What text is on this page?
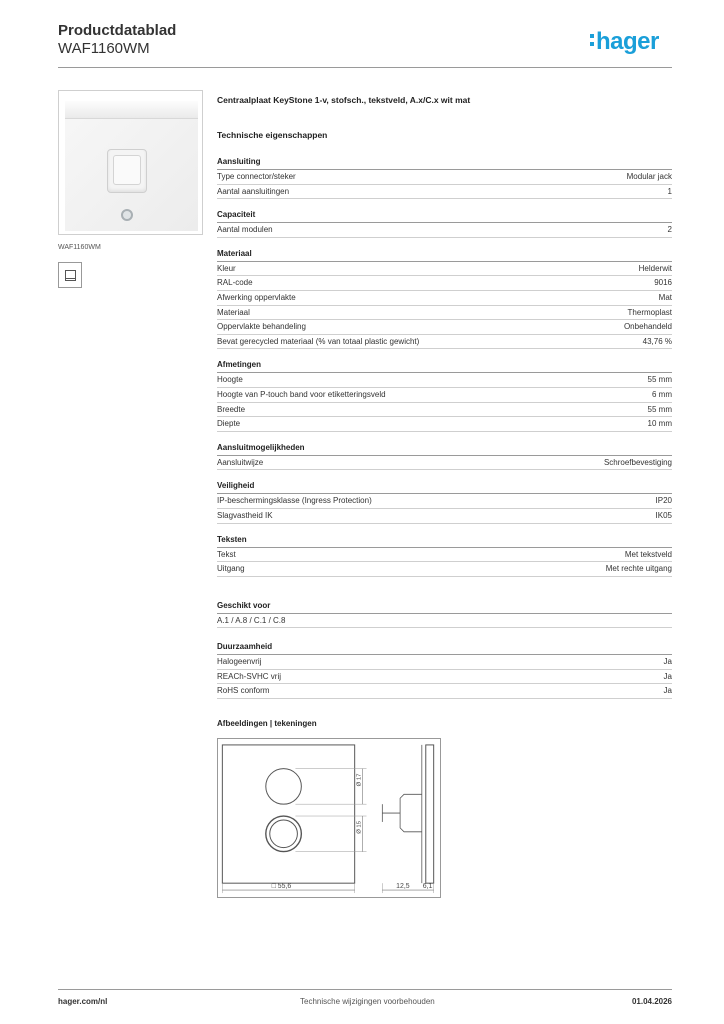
Productdatablad
WAF1160WM	hager
WAF1160WM
Centraalplaat KeyStone 1-v, stofsch., tekstveld, A.x/C.x wit mat
Technische eigenschappen
Aansluiting
Type connector/steker	Modular jack
Aantal aansluitingen	1
Capaciteit
Aantal modulen	2
Materiaal
Kleur	Helderwit
RAL-code	9016
Afwerking oppervlakte	Mat
Materiaal	Thermoplast
Oppervlakte behandeling	Onbehandeld
Bevat gerecycled materiaal (% van totaal plastic gewicht)	43,76 %
Afmetingen
Hoogte	55 mm
Hoogte van P-touch band voor etiketteringsveld	6 mm
Breedte	55 mm
Diepte	10 mm
Aansluitmogelijkheden
Aansluitwijze	Schroefbevestiging
Veiligheid
IP-beschermingsklasse (Ingress Protection)	IP20
Slagvastheid IK	IK05
Teksten
Tekst	Met tekstveld
Uitgang	Met rechte uitgang
Geschikt voor
A.1 / A.8 / C.1 / C.8
Duurzaamheid
Halogeenvrij	Ja
REACh-SVHC vrij	Ja
RoHS conform	Ja
Afbeeldingen | tekeningen
Ø 17
Ø 15
□ 55,6	12,5 6,1
hager.com/nl	Technische wijzigingen voorbehouden	01.04.2026
